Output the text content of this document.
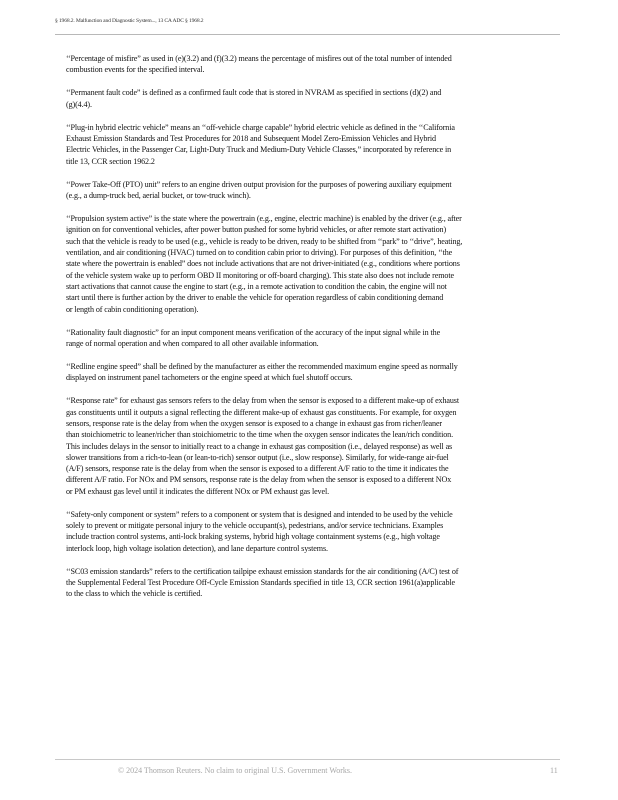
§ 1968.2. Malfunction and Diagnostic System..., 13 CA ADC § 1968.2

‘‘Percentage of misfire” as used in (e)(3.2) and (f)(3.2) means the percentage of misfires out of the total number of intended
combustion events for the specified interval.

‘‘Permanent fault code” is defined as a confirmed fault code that is stored in NVRAM as specified in sections (d)(2) and
(g)(4.4).

‘‘Plug-in hybrid electric vehicle” means an ‘‘off-vehicle charge capable” hybrid electric vehicle as defined in the ‘‘California
Exhaust Emission Standards and Test Procedures for 2018 and Subsequent Model Zero-Emission Vehicles and Hybrid
Electric Vehicles, in the Passenger Car, Light-Duty Truck and Medium-Duty Vehicle Classes,” incorporated by reference in
title 13, CCR section 1962.2

‘‘Power Take-Off (PTO) unit” refers to an engine driven output provision for the purposes of powering auxiliary equipment
(e.g., a dump-truck bed, aerial bucket, or tow-truck winch).

‘‘Propulsion system active” is the state where the powertrain (e.g., engine, electric machine) is enabled by the driver (e.g., after
ignition on for conventional vehicles, after power button pushed for some hybrid vehicles, or after remote start activation)
such that the vehicle is ready to be used (e.g., vehicle is ready to be driven, ready to be shifted from ‘‘park” to ‘‘drive”, heating,
ventilation, and air conditioning (HVAC) turned on to condition cabin prior to driving). For purposes of this definition, ‘‘the
state where the powertrain is enabled” does not include activations that are not driver-initiated (e.g., conditions where portions
of the vehicle system wake up to perform OBD II monitoring or off-board charging). This state also does not include remote
start activations that cannot cause the engine to start (e.g., in a remote activation to condition the cabin, the engine will not
start until there is further action by the driver to enable the vehicle for operation regardless of cabin conditioning demand
or length of cabin conditioning operation).

‘‘Rationality fault diagnostic” for an input component means verification of the accuracy of the input signal while in the
range of normal operation and when compared to all other available information.

‘‘Redline engine speed” shall be defined by the manufacturer as either the recommended maximum engine speed as normally
displayed on instrument panel tachometers or the engine speed at which fuel shutoff occurs.

‘‘Response rate” for exhaust gas sensors refers to the delay from when the sensor is exposed to a different make-up of exhaust
gas constituents until it outputs a signal reflecting the different make-up of exhaust gas constituents. For example, for oxygen
sensors, response rate is the delay from when the oxygen sensor is exposed to a change in exhaust gas from richer/leaner
than stoichiometric to leaner/richer than stoichiometric to the time when the oxygen sensor indicates the lean/rich condition.
This includes delays in the sensor to initially react to a change in exhaust gas composition (i.e., delayed response) as well as
slower transitions from a rich-to-lean (or lean-to-rich) sensor output (i.e., slow response). Similarly, for wide-range air-fuel
(A/F) sensors, response rate is the delay from when the sensor is exposed to a different A/F ratio to the time it indicates the
different A/F ratio. For NOx and PM sensors, response rate is the delay from when the sensor is exposed to a different NOx
or PM exhaust gas level until it indicates the different NOx or PM exhaust gas level.

‘‘Safety-only component or system” refers to a component or system that is designed and intended to be used by the vehicle
solely to prevent or mitigate personal injury to the vehicle occupant(s), pedestrians, and/or service technicians. Examples
include traction control systems, anti-lock braking systems, hybrid high voltage containment systems (e.g., high voltage
interlock loop, high voltage isolation detection), and lane departure control systems.

‘‘SC03 emission standards” refers to the certification tailpipe exhaust emission standards for the air conditioning (A/C) test of
the Supplemental Federal Test Procedure Off-Cycle Emission Standards specified in title 13, CCR section 1961(a)applicable
to the class to which the vehicle is certified.

© 2024 Thomson Reuters. No claim to original U.S. Government Works.	11
